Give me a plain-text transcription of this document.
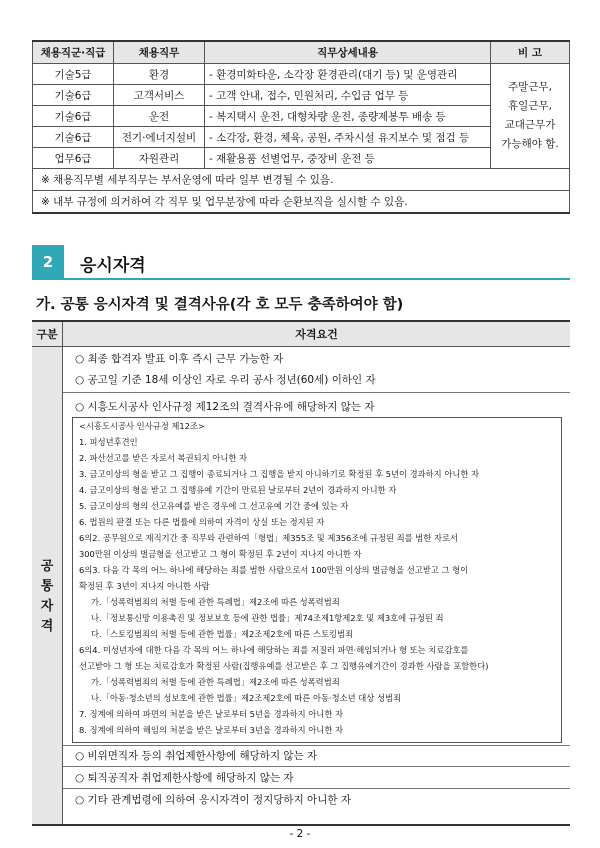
채용직군·직급	채용직무	직무상세내용	비 고
기술5급	환경	- 환경미화타운, 소각장 환경관리(대기 등) 및 운영관리	주말근무,
휴일근무,
교대근무가
가능해야 함.

기술6급	고객서비스	- 고객 안내, 접수, 민원처리, 수입금 업무 등	
기술6급	운전	- 복지택시 운전, 대형차량 운전, 종량제봉투 배송 등	
기술6급	전기·에너지설비	- 소각장, 환경, 체육, 공원, 주차시설 유지보수 및 점검 등	
업무6급	자원관리	- 재활용품 선별업무, 중장비 운전 등	
※ 채용직무별 세부직무는 부서운영에 따라 일부 변경될 수 있음.			
※ 내부 규정에 의거하여 각 직무 및 업무분장에 따라 순환보직을 실시할 수 있음.			
2	응시자격
가. 공통 응시자격 및 결격사유(각 호 모두 충족하여야 함)
구분	자격요건
공
통
자
격
○ 최종 합격자 발표 이후 즉시 근무 가능한 자
○ 공고일 기준 18세 이상인 자로 우리 공사 정년(60세) 이하인 자
○ 시흥도시공사 인사규정 제12조의 결격사유에 해당하지 않는 자
<시흥도시공사 인사규정 제12조>
1. 피성년후견인
2. 파산선고를 받은 자로서 복권되지 아니한 자
3. 금고이상의 형을 받고 그 집행이 종료되거나 그 집행을 받지 아니하기로 확정된 후 5년이 경과하지 아니한 자
4. 금고이상의 형을 받고 그 집행유예 기간이 만료된 날로부터 2년이 경과하지 아니한 자
5. 금고이상의 형의 선고유예를 받은 경우에 그 선고유예 기간 중에 있는 자
6. 법원의 판결 또는 다른 법률에 의하여 자격이 상실 또는 정지된 자
6의2. 공무원으로 재직기간 중 직무와 관련하여「형법」제355조 및 제356조에 규정된 죄를 범한 자로서
300만원 이상의 벌금형을 선고받고 그 형이 확정된 후 2년이 지나지 아니한 자
6의3. 다음 각 목의 어느 하나에 해당하는 죄를 범한 사람으로서 100만원 이상의 벌금형을 선고받고 그 형이
확정된 후 3년이 지나지 아니한 사람
가.「성폭력범죄의 처벌 등에 관한 특례법」제2조에 따른 성폭력범죄
나.「정보통신망 이용촉진 및 정보보호 등에 관한 법률」제74조제1항제2호 및 제3호에 규정된 죄
다.「스토킹범죄의 처벌 등에 관한 법률」제2조제2호에 따른 스토킹범죄
6의4. 미성년자에 대한 다음 각 목의 어느 하나에 해당하는 죄를 저질러 파면·해임되거나 형 또는 치료감호를
선고받아 그 형 또는 치료감호가 확정된 사람(집행유예를 선고받은 후 그 집행유예기간이 경과한 사람을 포함한다)
가.「성폭력범죄의 처벌 등에 관한 특례법」제2조에 따른 성폭력범죄
나.「아동·청소년의 성보호에 관한 법률」제2조제2호에 따른 아동·청소년 대상 성범죄
7. 징계에 의하여 파면의 처분을 받은 날로부터 5년을 경과하지 아니한 자
8. 징계에 의하여 해임의 처분을 받은 날로부터 3년을 경과하지 아니한 자
○ 비위면직자 등의 취업제한사항에 해당하지 않는 자
○ 퇴직공직자 취업제한사항에 해당하지 않는 자
○ 기타 관계법령에 의하여 응시자격이 정지당하지 아니한 자
- 2 -
